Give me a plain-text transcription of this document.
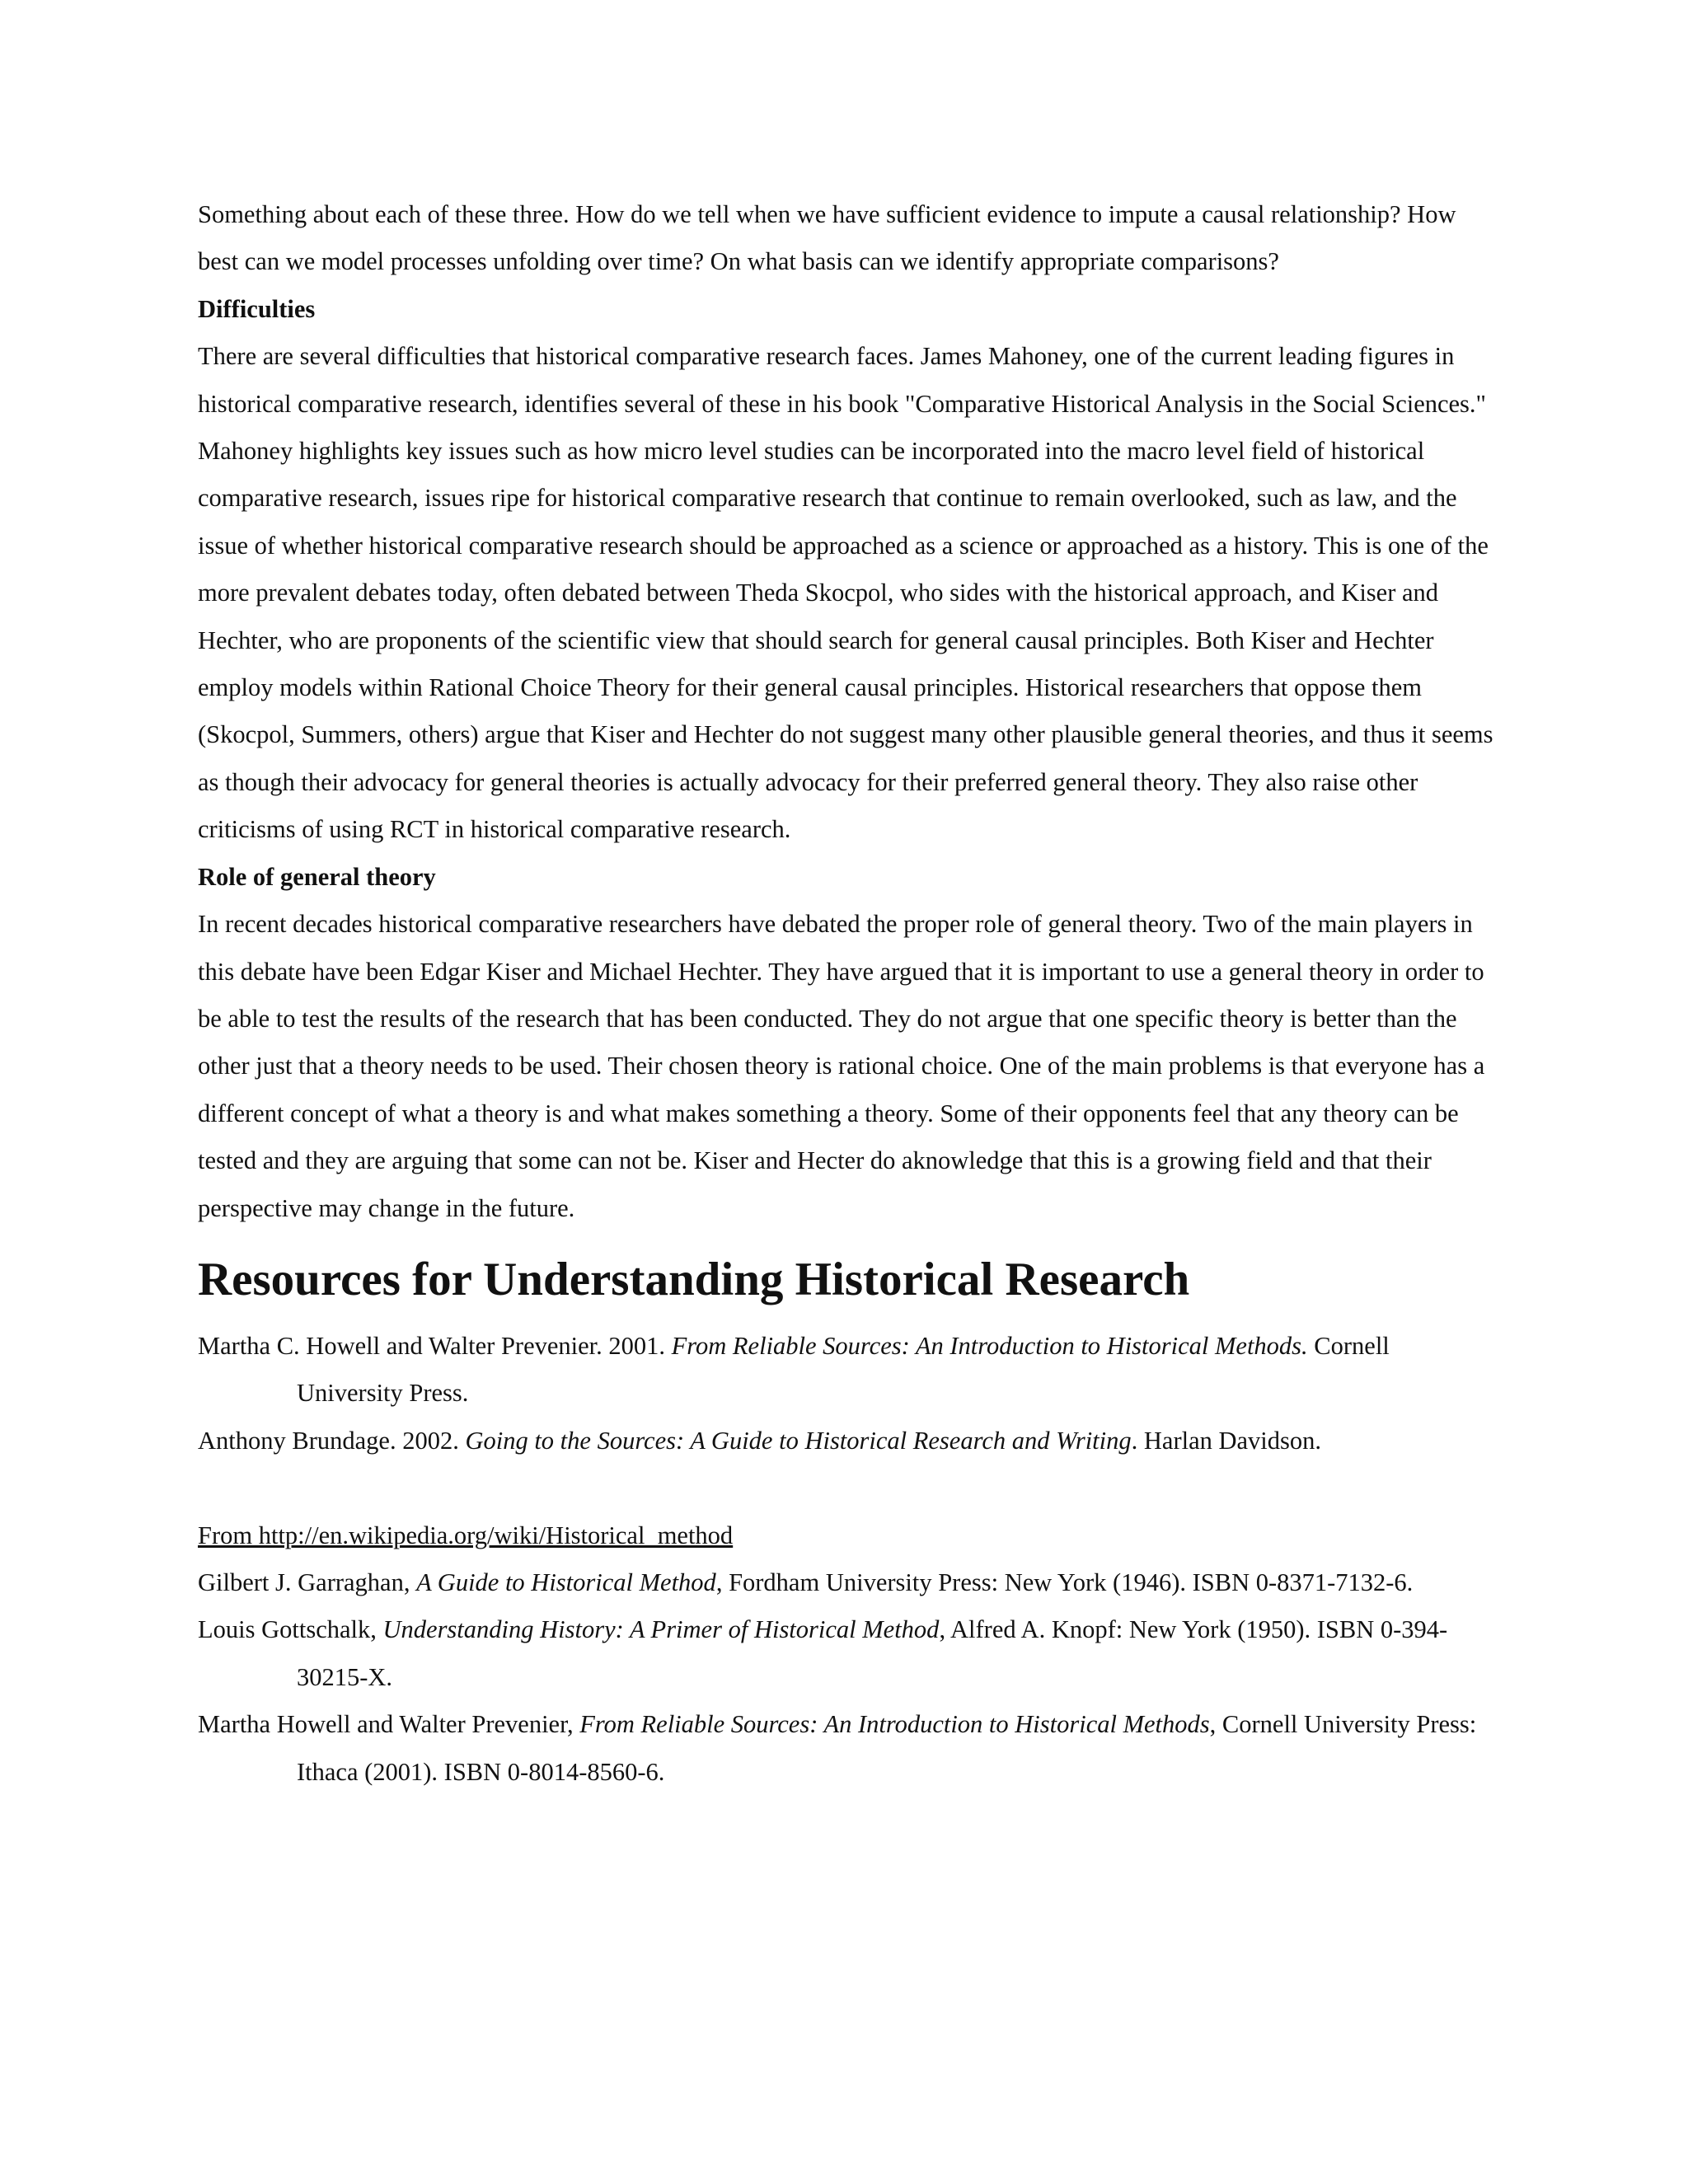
Something about each of these three. How do we tell when we have sufficient evidence to impute a causal relationship? How best can we model processes unfolding over time? On what basis can we identify appropriate comparisons?

Difficulties

There are several difficulties that historical comparative research faces. James Mahoney, one of the current leading figures in historical comparative research, identifies several of these in his book "Comparative Historical Analysis in the Social Sciences." Mahoney highlights key issues such as how micro level studies can be incorporated into the macro level field of historical comparative research, issues ripe for historical comparative research that continue to remain overlooked, such as law, and the issue of whether historical comparative research should be approached as a science or approached as a history. This is one of the more prevalent debates today, often debated between Theda Skocpol, who sides with the historical approach, and Kiser and Hechter, who are proponents of the scientific view that should search for general causal principles. Both Kiser and Hechter employ models within Rational Choice Theory for their general causal principles. Historical researchers that oppose them (Skocpol, Summers, others) argue that Kiser and Hechter do not suggest many other plausible general theories, and thus it seems as though their advocacy for general theories is actually advocacy for their preferred general theory. They also raise other criticisms of using RCT in historical comparative research.

Role of general theory

In recent decades historical comparative researchers have debated the proper role of general theory. Two of the main players in this debate have been Edgar Kiser and Michael Hechter. They have argued that it is important to use a general theory in order to be able to test the results of the research that has been conducted. They do not argue that one specific theory is better than the other just that a theory needs to be used. Their chosen theory is rational choice. One of the main problems is that everyone has a different concept of what a theory is and what makes something a theory. Some of their opponents feel that any theory can be tested and they are arguing that some can not be. Kiser and Hecter do aknowledge that this is a growing field and that their perspective may change in the future.

Resources for Understanding Historical Research

Martha C. Howell and Walter Prevenier. 2001. From Reliable Sources: An Introduction to Historical Methods. Cornell University Press.

Anthony Brundage. 2002. Going to the Sources: A Guide to Historical Research and Writing. Harlan Davidson.

From http://en.wikipedia.org/wiki/Historical_method

Gilbert J. Garraghan, A Guide to Historical Method, Fordham University Press: New York (1946). ISBN 0-8371-7132-6.

Louis Gottschalk, Understanding History: A Primer of Historical Method, Alfred A. Knopf: New York (1950). ISBN 0-394-30215-X.

Martha Howell and Walter Prevenier, From Reliable Sources: An Introduction to Historical Methods, Cornell University Press: Ithaca (2001). ISBN 0-8014-8560-6.
